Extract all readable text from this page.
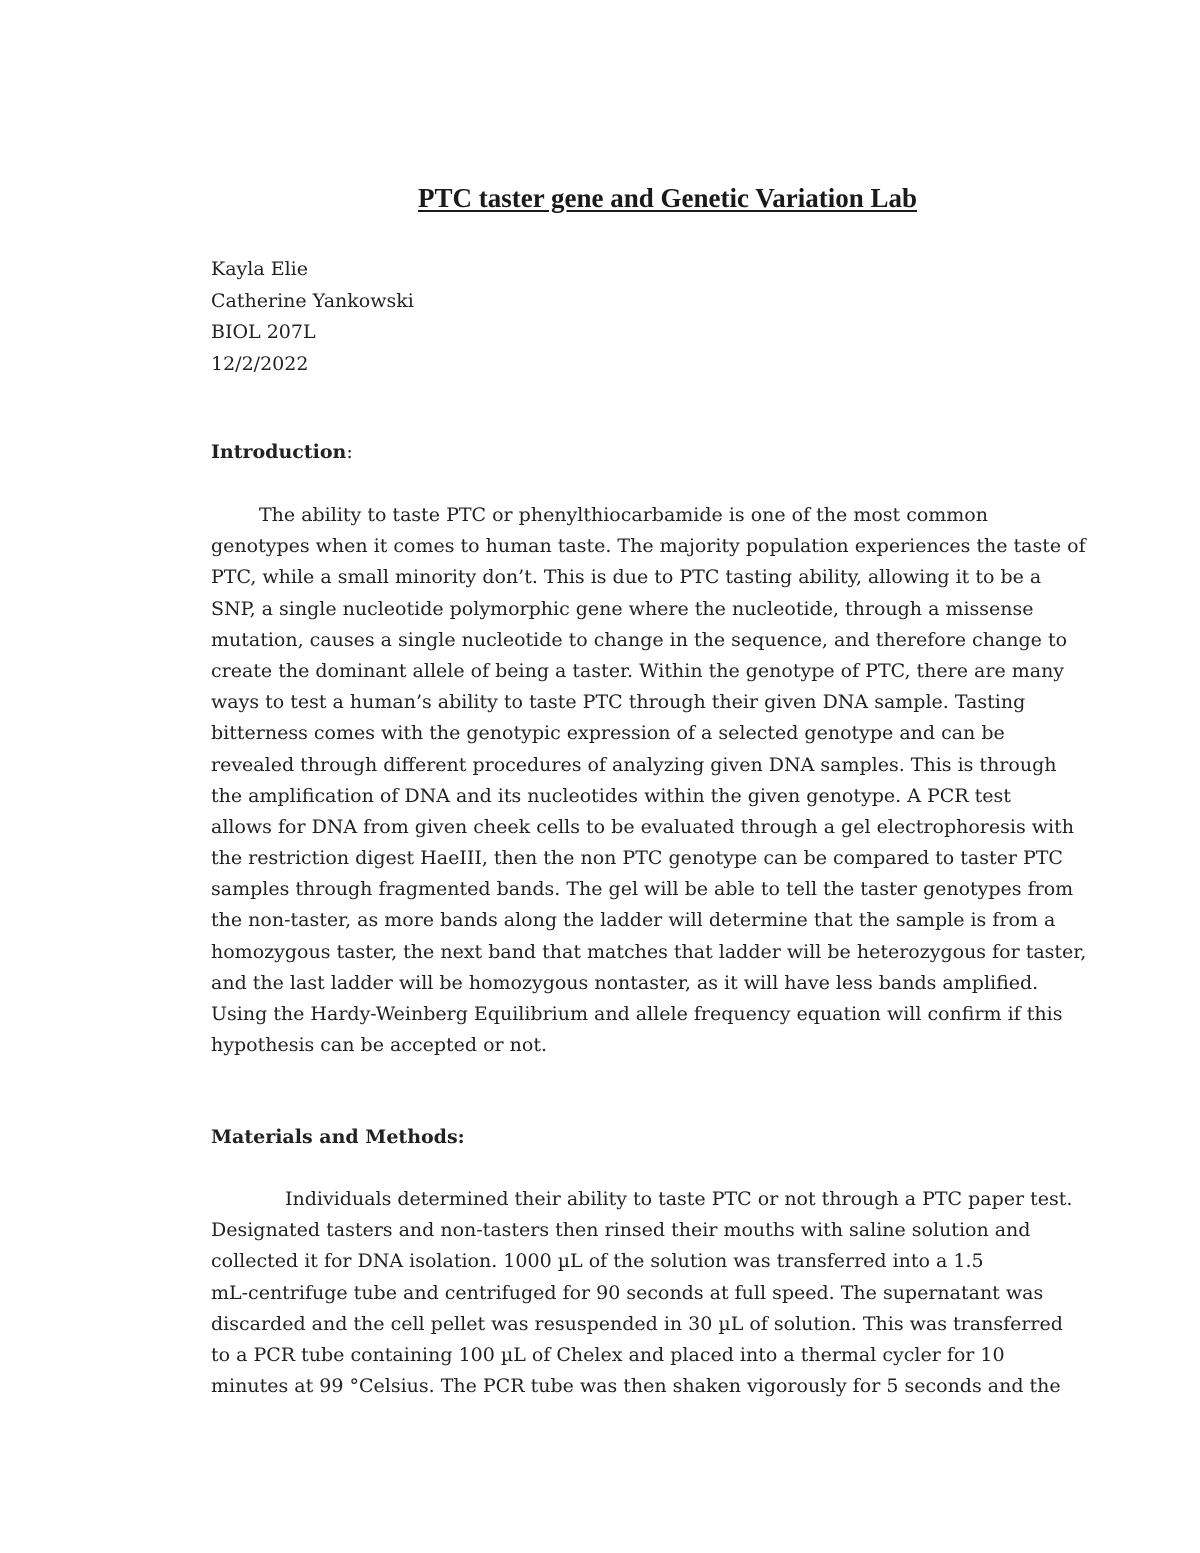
PTC taster gene and Genetic Variation Lab
Kayla Elie
Catherine Yankowski
BIOL 207L
12/2/2022
Introduction:
The ability to taste PTC or phenylthiocarbamide is one of the most common
genotypes when it comes to human taste. The majority population experiences the taste of
PTC, while a small minority don’t. This is due to PTC tasting ability, allowing it to be a
SNP, a single nucleotide polymorphic gene where the nucleotide, through a missense
mutation, causes a single nucleotide to change in the sequence, and therefore change to
create the dominant allele of being a taster. Within the genotype of PTC, there are many
ways to test a human’s ability to taste PTC through their given DNA sample. Tasting
bitterness comes with the genotypic expression of a selected genotype and can be
revealed through different procedures of analyzing given DNA samples. This is through
the amplification of DNA and its nucleotides within the given genotype. A PCR test
allows for DNA from given cheek cells to be evaluated through a gel electrophoresis with
the restriction digest HaeIII, then the non PTC genotype can be compared to taster PTC
samples through fragmented bands. The gel will be able to tell the taster genotypes from
the non-taster, as more bands along the ladder will determine that the sample is from a
homozygous taster, the next band that matches that ladder will be heterozygous for taster,
and the last ladder will be homozygous nontaster, as it will have less bands amplified.
Using the Hardy-Weinberg Equilibrium and allele frequency equation will confirm if this
hypothesis can be accepted or not.
Materials and Methods:
Individuals determined their ability to taste PTC or not through a PTC paper test.
Designated tasters and non-tasters then rinsed their mouths with saline solution and
collected it for DNA isolation. 1000 µL of the solution was transferred into a 1.5
mL-centrifuge tube and centrifuged for 90 seconds at full speed. The supernatant was
discarded and the cell pellet was resuspended in 30 µL of solution. This was transferred
to a PCR tube containing 100 µL of Chelex and placed into a thermal cycler for 10
minutes at 99 °Celsius. The PCR tube was then shaken vigorously for 5 seconds and the
